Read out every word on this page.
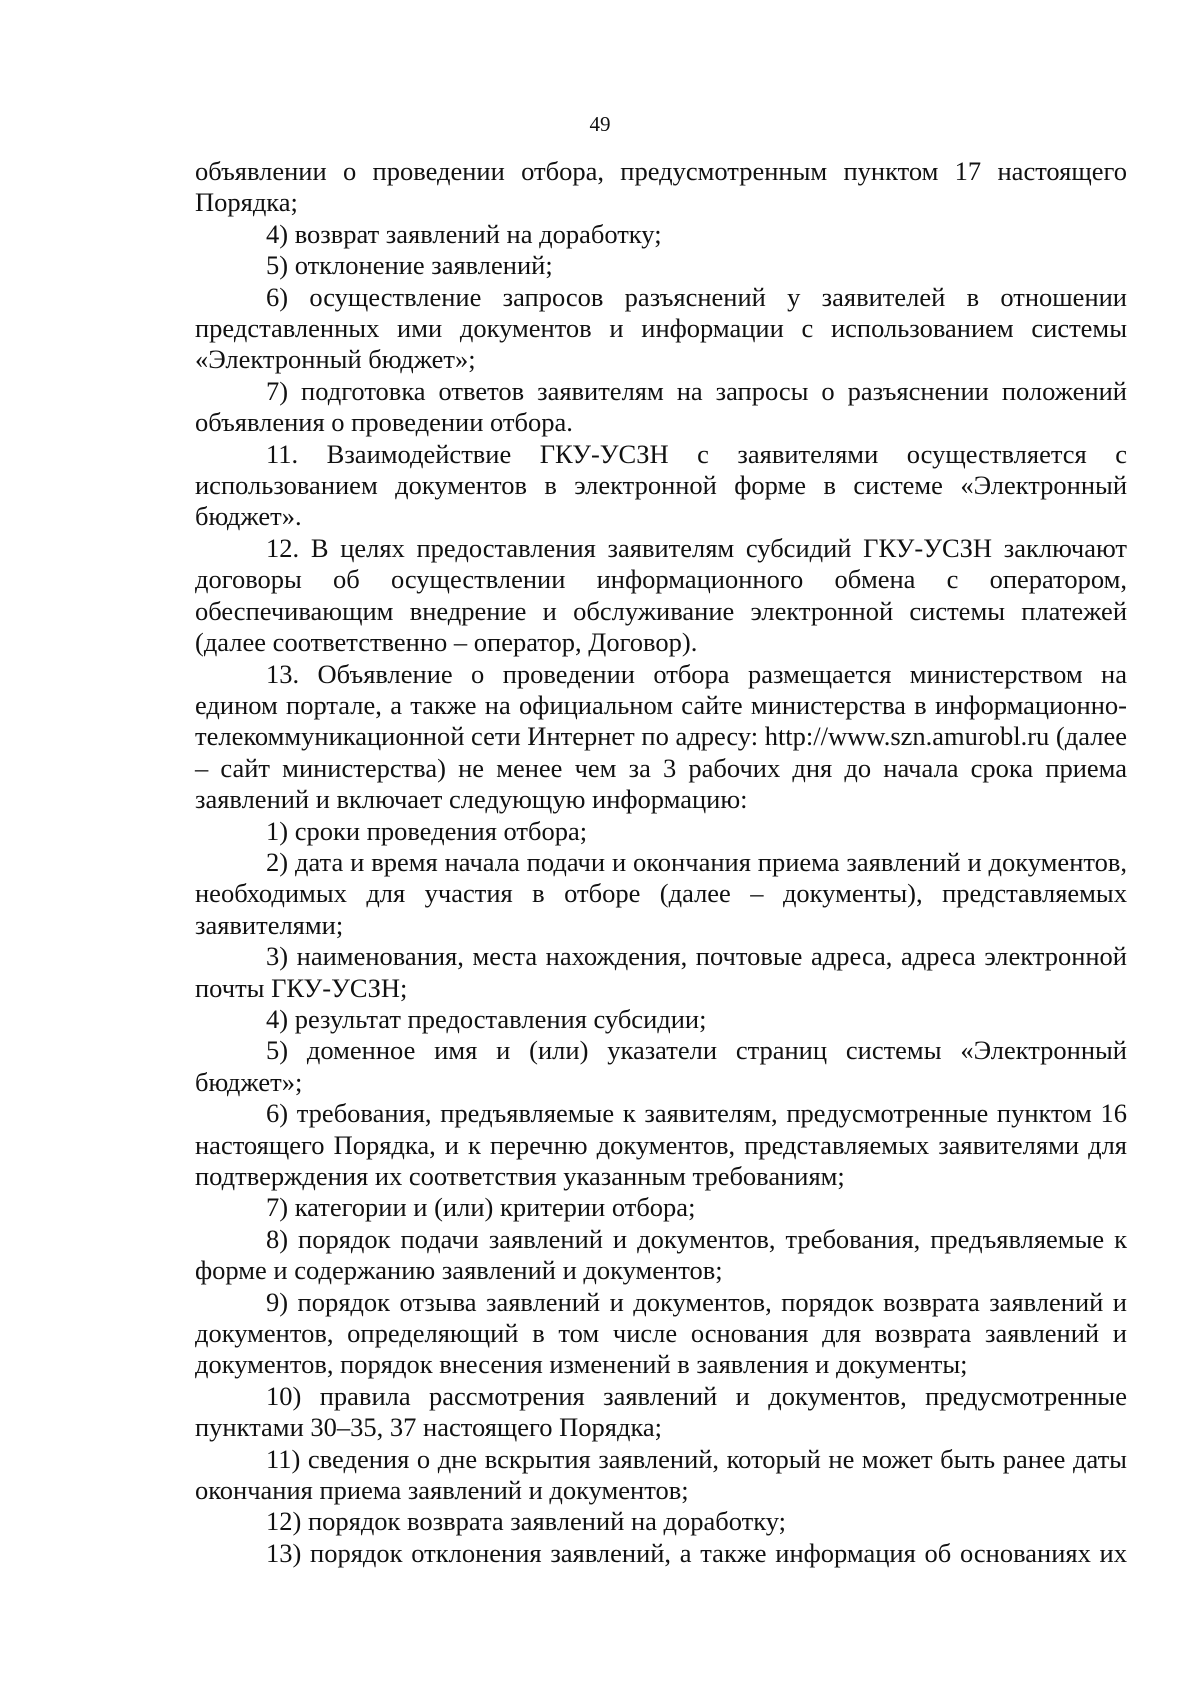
49

объявлении о проведении отбора, предусмотренным пунктом 17 настоящего Порядка;

4) возврат заявлений на доработку;

5) отклонение заявлений;

6) осуществление запросов разъяснений у заявителей в отношении представленных ими документов и информации с использованием системы «Электронный бюджет»;

7) подготовка ответов заявителям на запросы о разъяснении положений объявления о проведении отбора.

11. Взаимодействие ГКУ-УСЗН с заявителями осуществляется с использованием документов в электронной форме в системе «Электронный бюджет».

12. В целях предоставления заявителям субсидий ГКУ-УСЗН заключают договоры об осуществлении информационного обмена с оператором, обеспечивающим внедрение и обслуживание электронной системы платежей (далее соответственно – оператор, Договор).

13. Объявление о проведении отбора размещается министерством на едином портале, а также на официальном сайте министерства в информационно-телекоммуникационной сети Интернет по адресу: http://www.szn.amurobl.ru (далее – сайт министерства) не менее чем за 3 рабочих дня до начала срока приема заявлений и включает следующую информацию:

1) сроки проведения отбора;

2) дата и время начала подачи и окончания приема заявлений и документов, необходимых для участия в отборе (далее – документы), представляемых заявителями;

3) наименования, места нахождения, почтовые адреса, адреса электронной почты ГКУ-УСЗН;

4) результат предоставления субсидии;

5) доменное имя и (или) указатели страниц системы «Электронный бюджет»;

6) требования, предъявляемые к заявителям, предусмотренные пунктом 16 настоящего Порядка, и к перечню документов, представляемых заявителями для подтверждения их соответствия указанным требованиям;

7) категории и (или) критерии отбора;

8) порядок подачи заявлений и документов, требования, предъявляемые к форме и содержанию заявлений и документов;

9) порядок отзыва заявлений и документов, порядок возврата заявлений и документов, определяющий в том числе основания для возврата заявлений и документов, порядок внесения изменений в заявления и документы;

10) правила рассмотрения заявлений и документов, предусмотренные пунктами 30–35, 37 настоящего Порядка;

11) сведения о дне вскрытия заявлений, который не может быть ранее даты окончания приема заявлений и документов;

12) порядок возврата заявлений на доработку;

13) порядок отклонения заявлений, а также информация об основаниях их
